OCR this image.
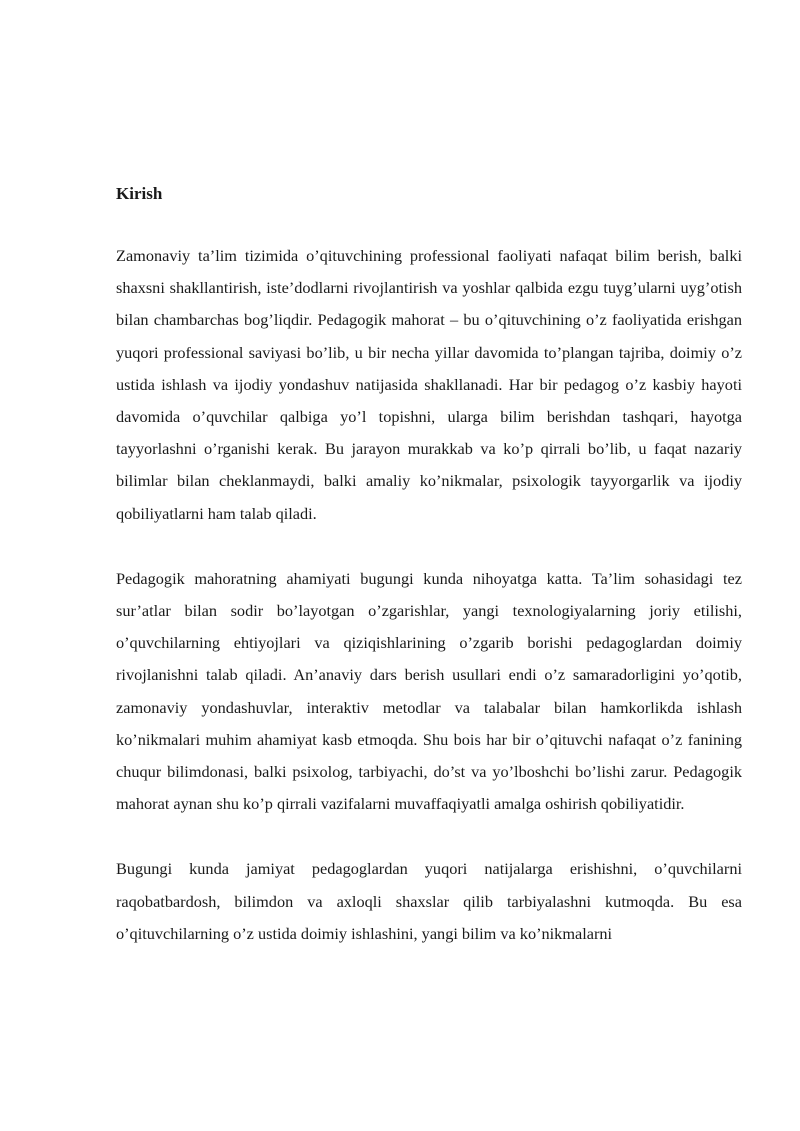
Kirish

Zamonaviy ta’lim tizimida o’qituvchining professional faoliyati nafaqat bilim berish, balki shaxsni shakllantirish, iste’dodlarni rivojlantirish va yoshlar qalbida ezgu tuyg’ularni uyg’otish bilan chambarchas bog’liqdir. Pedagogik mahorat – bu o’qituvchining o’z faoliyatida erishgan yuqori professional saviyasi bo’lib, u bir necha yillar davomida to’plangan tajriba, doimiy o’z ustida ishlash va ijodiy yondashuv natijasida shakllanadi. Har bir pedagog o’z kasbiy hayoti davomida o’quvchilar qalbiga yo’l topishni, ularga bilim berishdan tashqari, hayotga tayyorlashni o’rganishi kerak. Bu jarayon murakkab va ko’p qirrali bo’lib, u faqat nazariy bilimlar bilan cheklanmaydi, balki amaliy ko’nikmalar, psixologik tayyorgarlik va ijodiy qobiliyatlarni ham talab qiladi.

Pedagogik mahoratning ahamiyati bugungi kunda nihoyatga katta. Ta’lim sohasidagi tez sur’atlar bilan sodir bo’layotgan o’zgarishlar, yangi texnologiyalarning joriy etilishi, o’quvchilarning ehtiyojlari va qiziqishlarining o’zgarib borishi pedagoglardan doimiy rivojlanishni talab qiladi. An’anaviy dars berish usullari endi o’z samaradorligini yo’qotib, zamonaviy yondashuvlar, interaktiv metodlar va talabalar bilan hamkorlikda ishlash ko’nikmalari muhim ahamiyat kasb etmoqda. Shu bois har bir o’qituvchi nafaqat o’z fanining chuqur bilimdonasi, balki psixolog, tarbiyachi, do’st va yo’lboshchi bo’lishi zarur. Pedagogik mahorat aynan shu ko’p qirrali vazifalarni muvaffaqiyatli amalga oshirish qobiliyatidir.

Bugungi kunda jamiyat pedagoglardan yuqori natijalarga erishishni, o’quvchilarni raqobatbardosh, bilimdon va axloqli shaxslar qilib tarbiyalashni kutmoqda. Bu esa o’qituvchilarning o’z ustida doimiy ishlashini, yangi bilim va ko’nikmalarni
